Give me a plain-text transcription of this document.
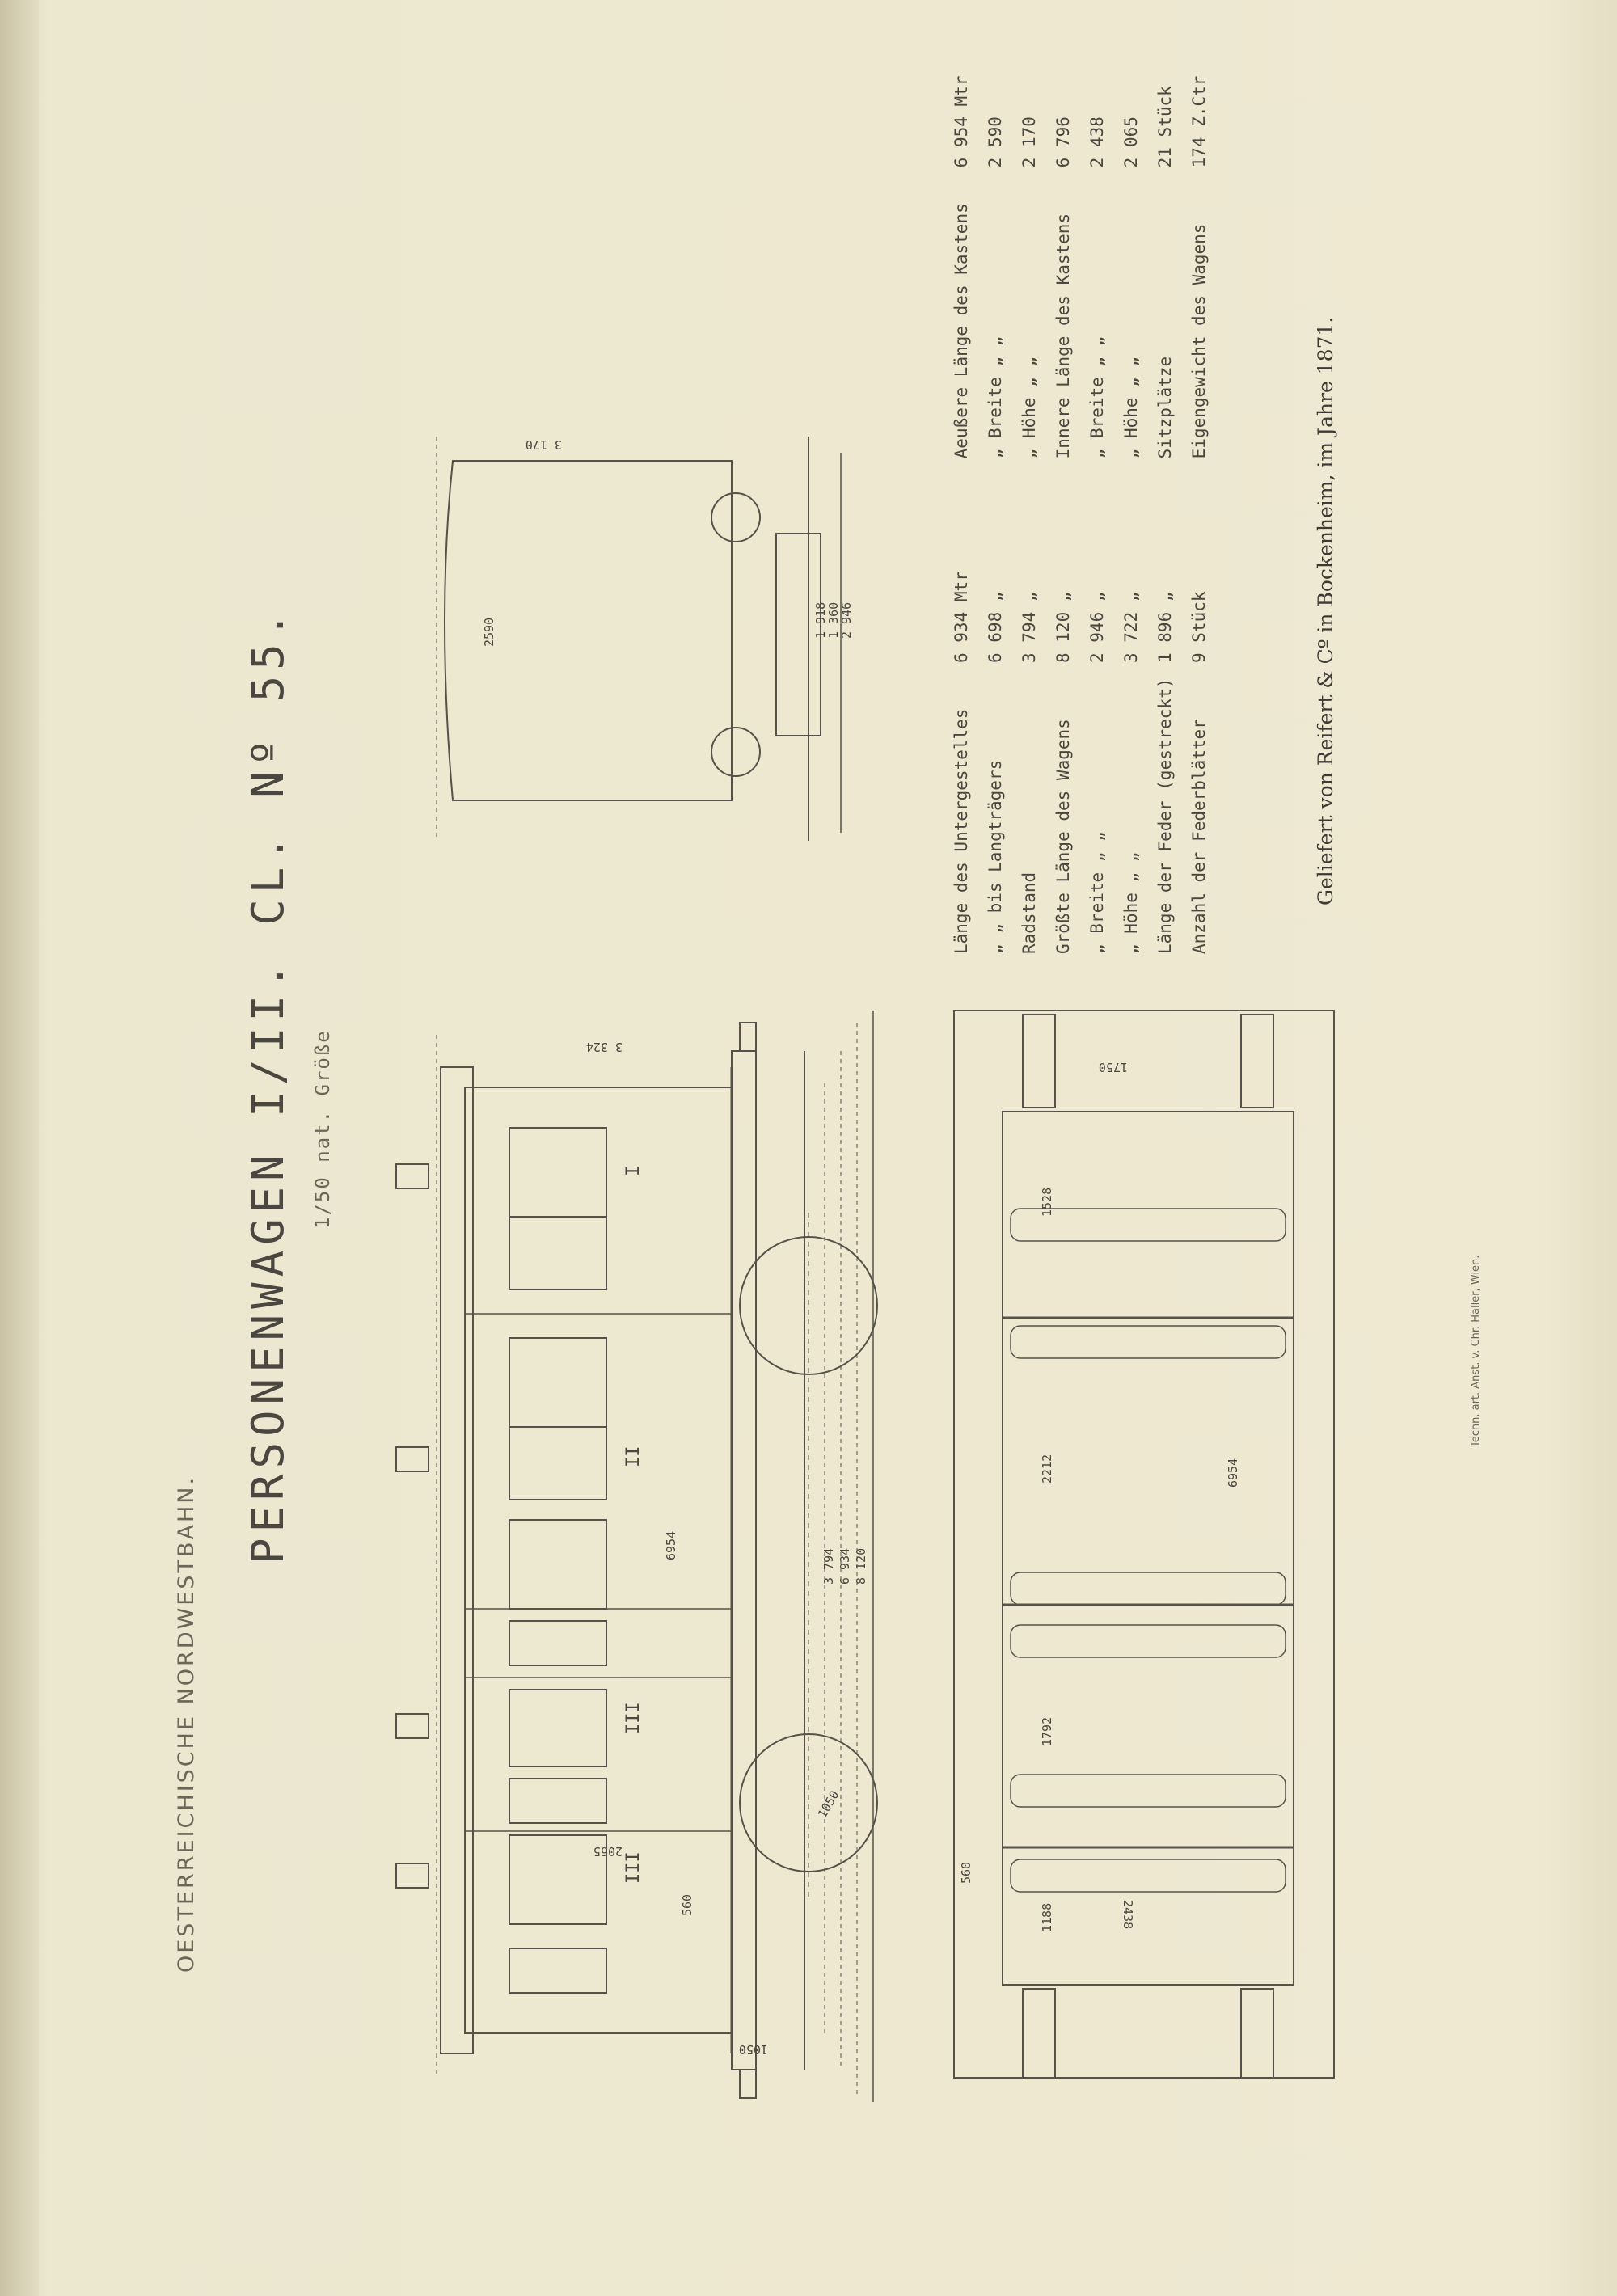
OESTERREICHISCHE NORDWESTBAHN.
PERSONENWAGEN I/II. CL. Nº 55. 1/50 nat. Größe
Techn. art. Anst. v. Chr. Haller, Wien.
Länge des Untergestelles6 934 Mtr
„ „ bis Langträgers6 698 „
Radstand3 794 „
Größte Länge des Wagens8 120 „
„ Breite „ „2 946 „
„ Höhe „ „3 722 „
Länge der Feder (gestreckt)1 896 „
Anzahl der Federblätter9 Stück

Aeußere Länge des Kastens6 954 Mtr
„ Breite „ „2 590
„ Höhe „ „2 170
Innere Länge des Kastens6 796
„ Breite „ „2 438
„ Höhe „ „2 065
Sitzplätze21 Stück
Eigengewicht des Wagens174 Z.Ctr
Geliefert von Reifert & Cº in Bockenheim, im Jahre 1871.
3 324
6954
3 794 6 934 8 120
2065
560
1050
1050
2590
3 170
1 918
1 360
2 946
1750
1528
2212
1792
1188
6954
560
2438
I
II
III
III
